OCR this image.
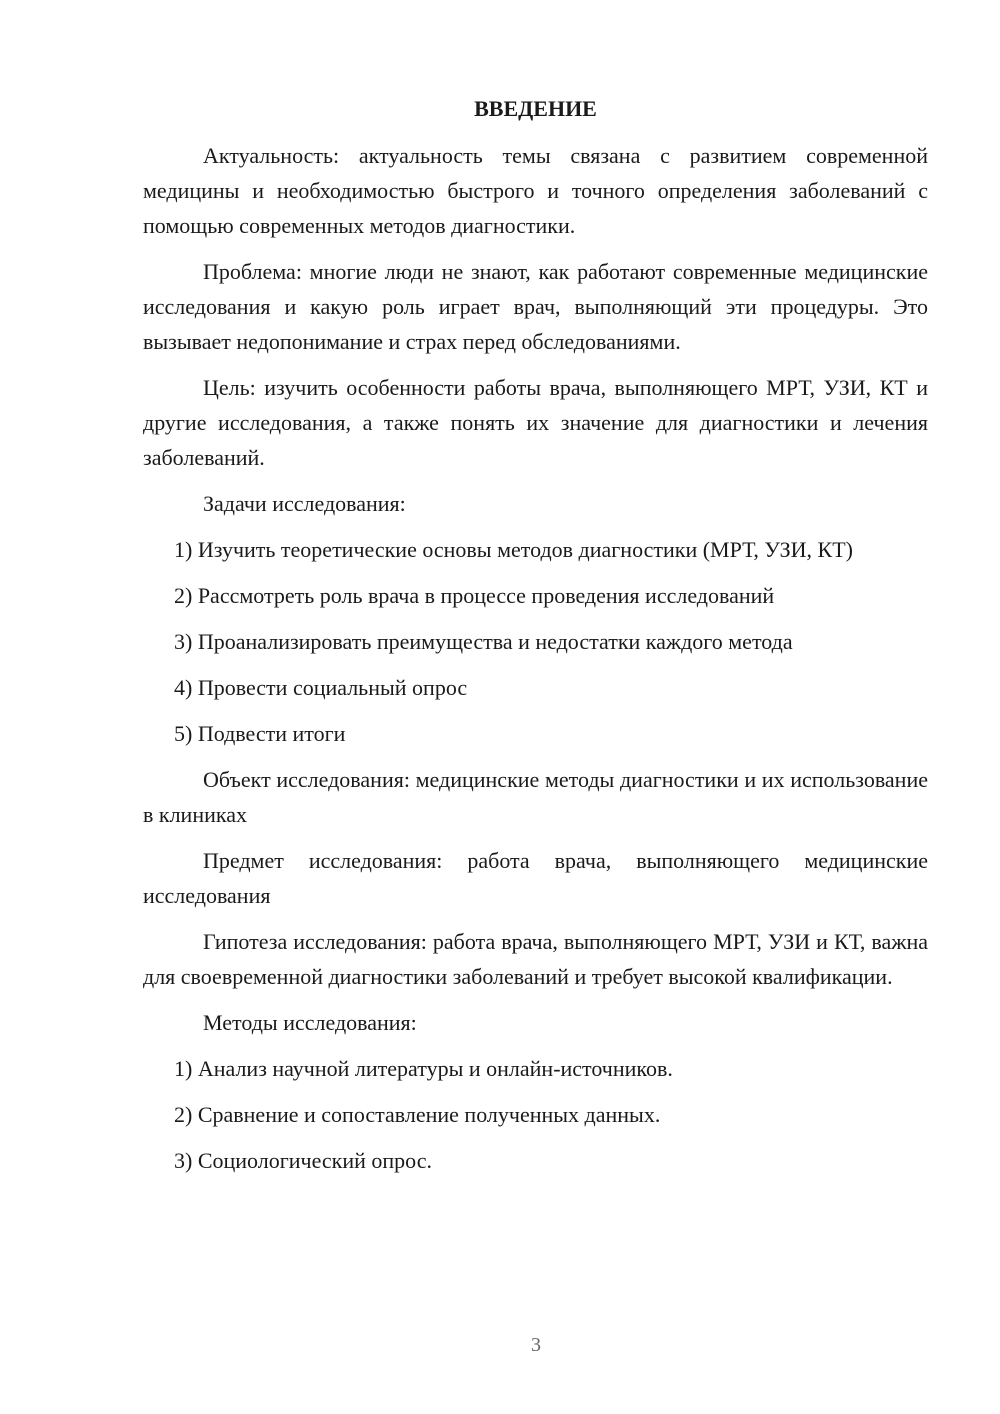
ВВЕДЕНИЕ

Актуальность: актуальность темы связана с развитием современной медицины и необходимостью быстрого и точного определения заболеваний с помощью современных методов диагностики.

Проблема: многие люди не знают, как работают современные медицинские исследования и какую роль играет врач, выполняющий эти процедуры. Это вызывает недопонимание и страх перед обследованиями.

Цель: изучить особенности работы врача, выполняющего МРТ, УЗИ, КТ и другие исследования, а также понять их значение для диагностики и лечения заболеваний.

Задачи исследования:

1) Изучить теоретические основы методов диагностики (МРТ, УЗИ, КТ)

2) Рассмотреть роль врача в процессе проведения исследований

3) Проанализировать преимущества и недостатки каждого метода

4) Провести социальный опрос

5) Подвести итоги

Объект исследования: медицинские методы диагностики и их использование в клиниках

Предмет исследования: работа врача, выполняющего медицинские исследования

Гипотеза исследования: работа врача, выполняющего МРТ, УЗИ и КТ, важна для своевременной диагностики заболеваний и требует высокой квалификации.

Методы исследования:

1) Анализ научной литературы и онлайн-источников.

2) Сравнение и сопоставление полученных данных.

3) Социологический опрос.

3
